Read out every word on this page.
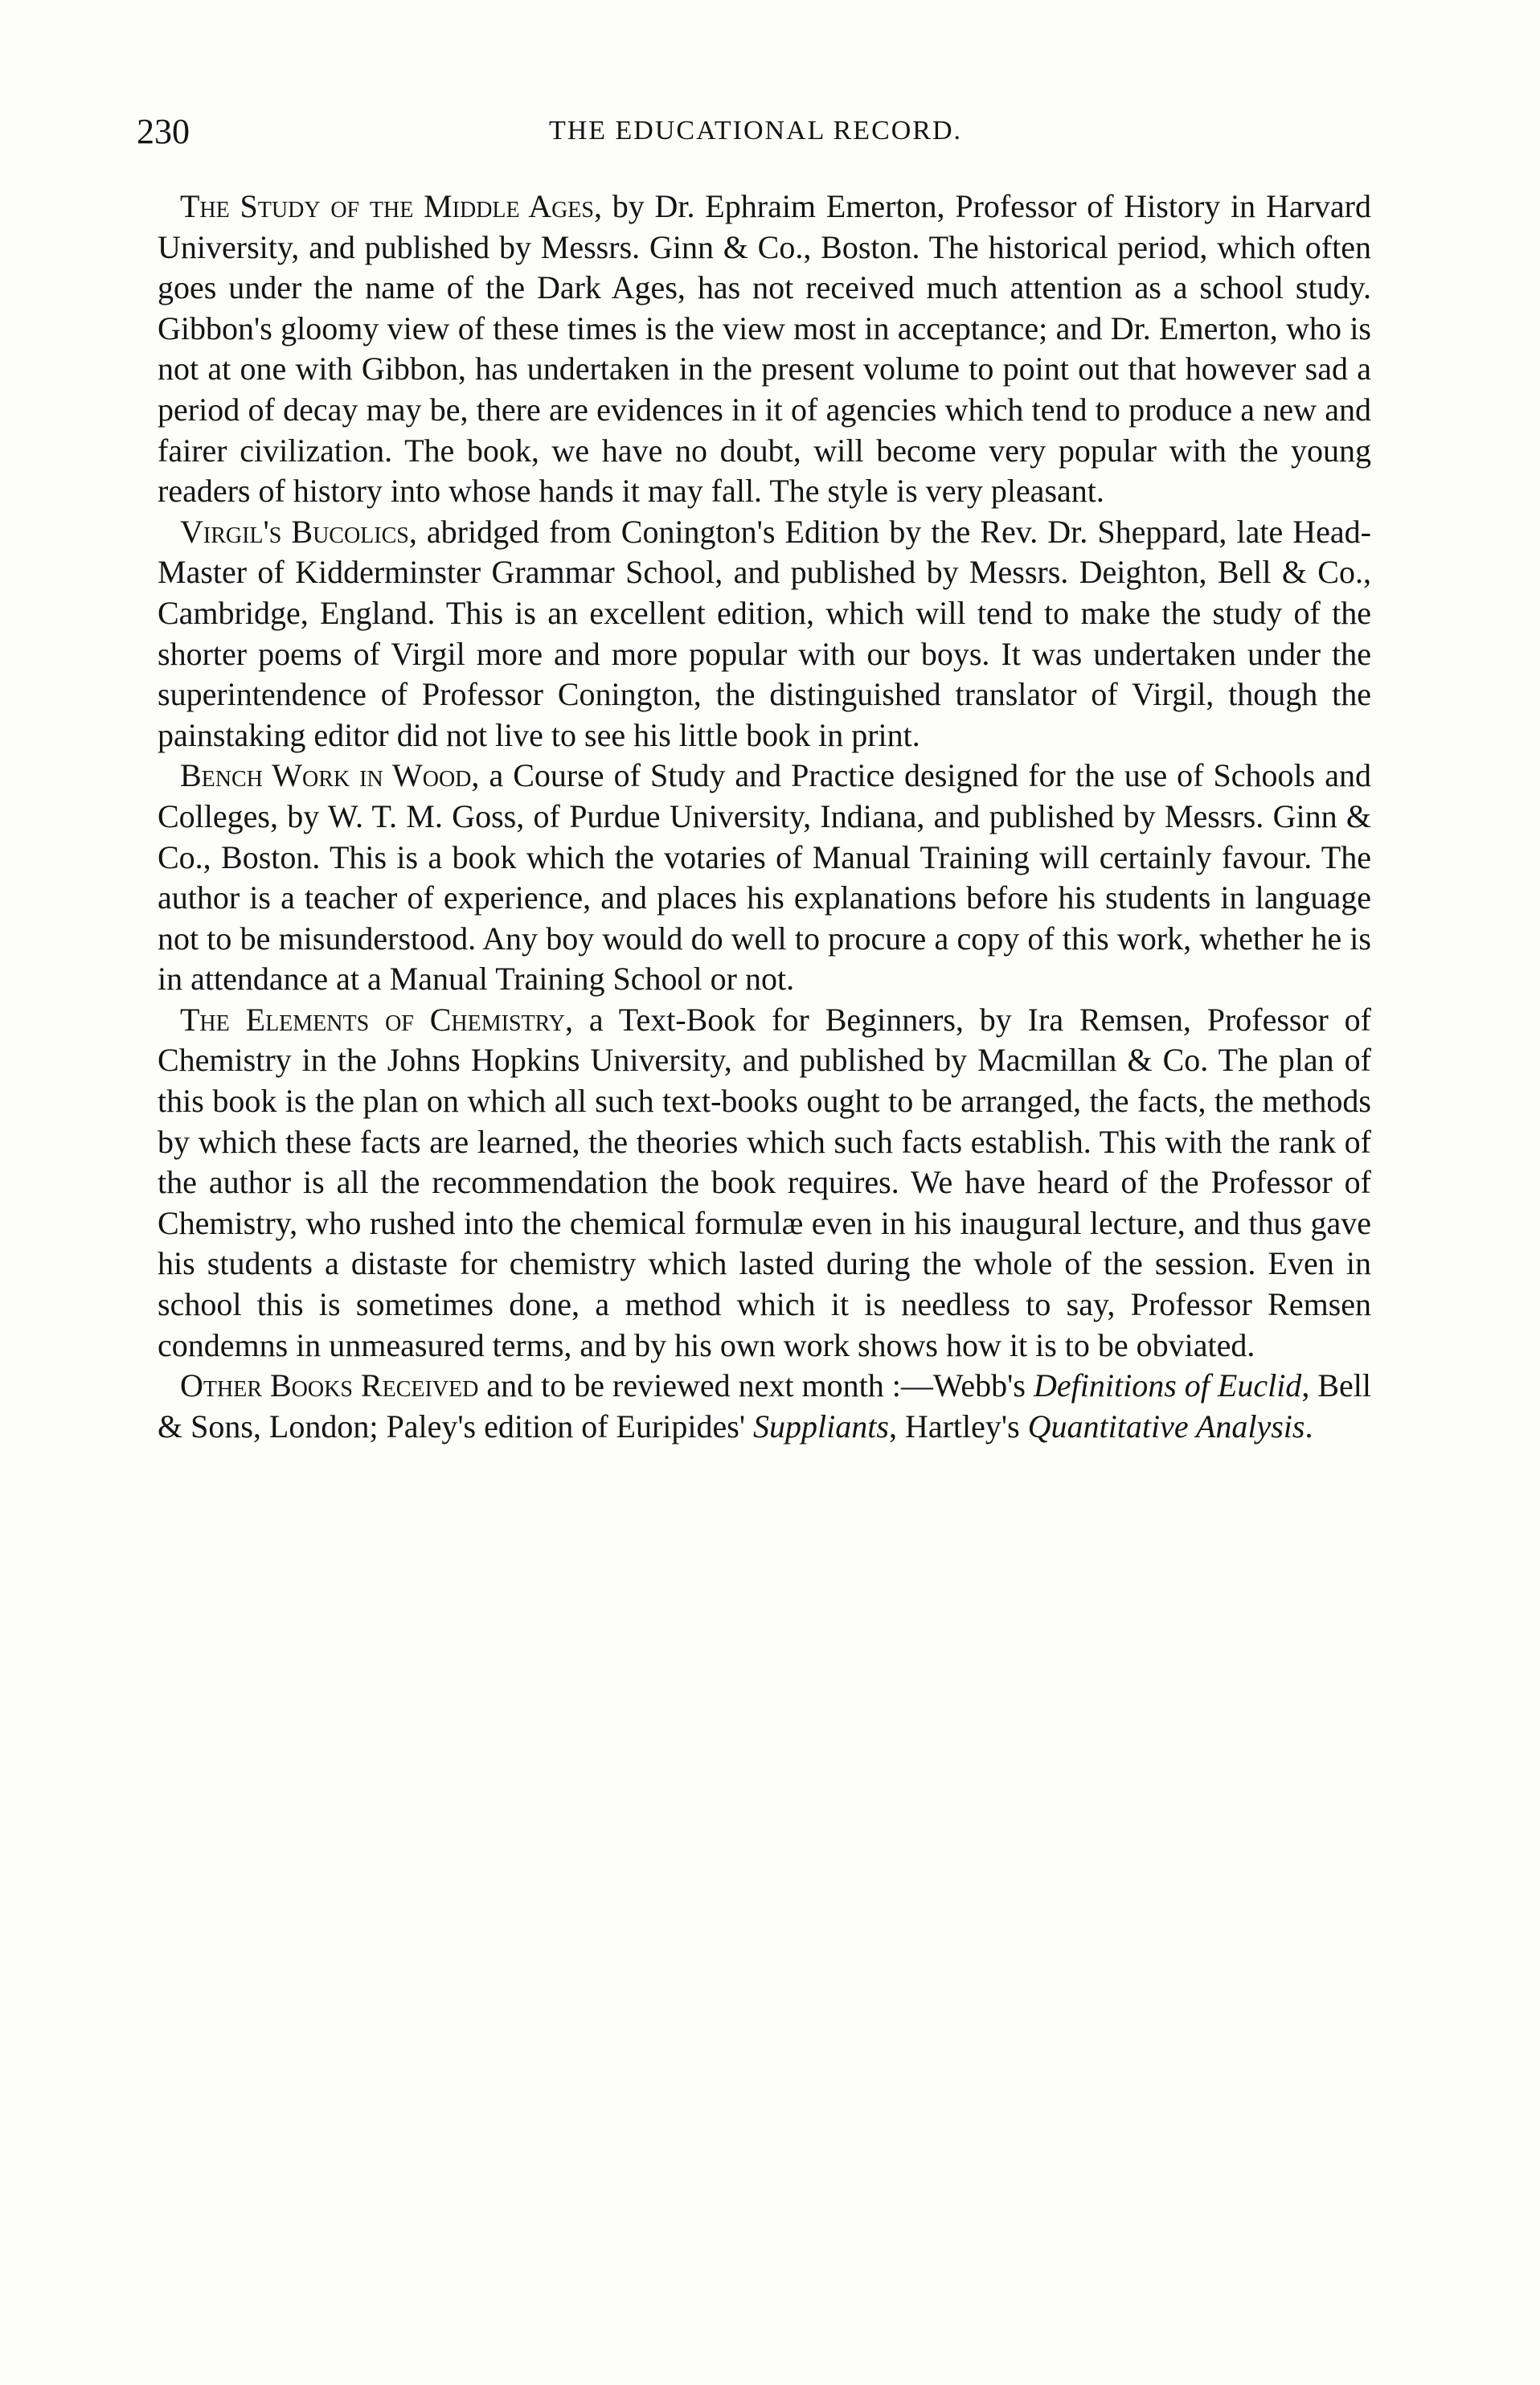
230	THE EDUCATIONAL RECORD.

The Study of the Middle Ages, by Dr. Ephraim Emerton, Professor of History in Harvard University, and published by Messrs. Ginn & Co., Boston. The historical period, which often goes under the name of the Dark Ages, has not received much attention as a school study. Gibbon's gloomy view of these times is the view most in acceptance; and Dr. Emerton, who is not at one with Gibbon, has undertaken in the present volume to point out that however sad a period of decay may be, there are evidences in it of agencies which tend to produce a new and fairer civilization. The book, we have no doubt, will become very popular with the young readers of history into whose hands it may fall. The style is very pleasant.

Virgil's Bucolics, abridged from Conington's Edition by the Rev. Dr. Sheppard, late Head-Master of Kidderminster Grammar School, and published by Messrs. Deighton, Bell & Co., Cambridge, England. This is an excellent edition, which will tend to make the study of the shorter poems of Virgil more and more popular with our boys. It was undertaken under the superintendence of Professor Conington, the distinguished translator of Virgil, though the painstaking editor did not live to see his little book in print.

Bench Work in Wood, a Course of Study and Practice designed for the use of Schools and Colleges, by W. T. M. Goss, of Purdue University, Indiana, and published by Messrs. Ginn & Co., Boston. This is a book which the votaries of Manual Training will certainly favour. The author is a teacher of experience, and places his explanations before his students in language not to be misunderstood. Any boy would do well to procure a copy of this work, whether he is in attendance at a Manual Training School or not.

The Elements of Chemistry, a Text-Book for Beginners, by Ira Remsen, Professor of Chemistry in the Johns Hopkins University, and published by Macmillan & Co. The plan of this book is the plan on which all such text-books ought to be arranged, the facts, the methods by which these facts are learned, the theories which such facts establish. This with the rank of the author is all the recommendation the book requires. We have heard of the Professor of Chemistry, who rushed into the chemical formulæ even in his inaugural lecture, and thus gave his students a distaste for chemistry which lasted during the whole of the session. Even in school this is sometimes done, a method which it is needless to say, Professor Remsen condemns in unmeasured terms, and by his own work shows how it is to be obviated.

Other Books Received and to be reviewed next month :—Webb's Definitions of Euclid, Bell & Sons, London; Paley's edition of Euripides' Suppliants, Hartley's Quantitative Analysis.
